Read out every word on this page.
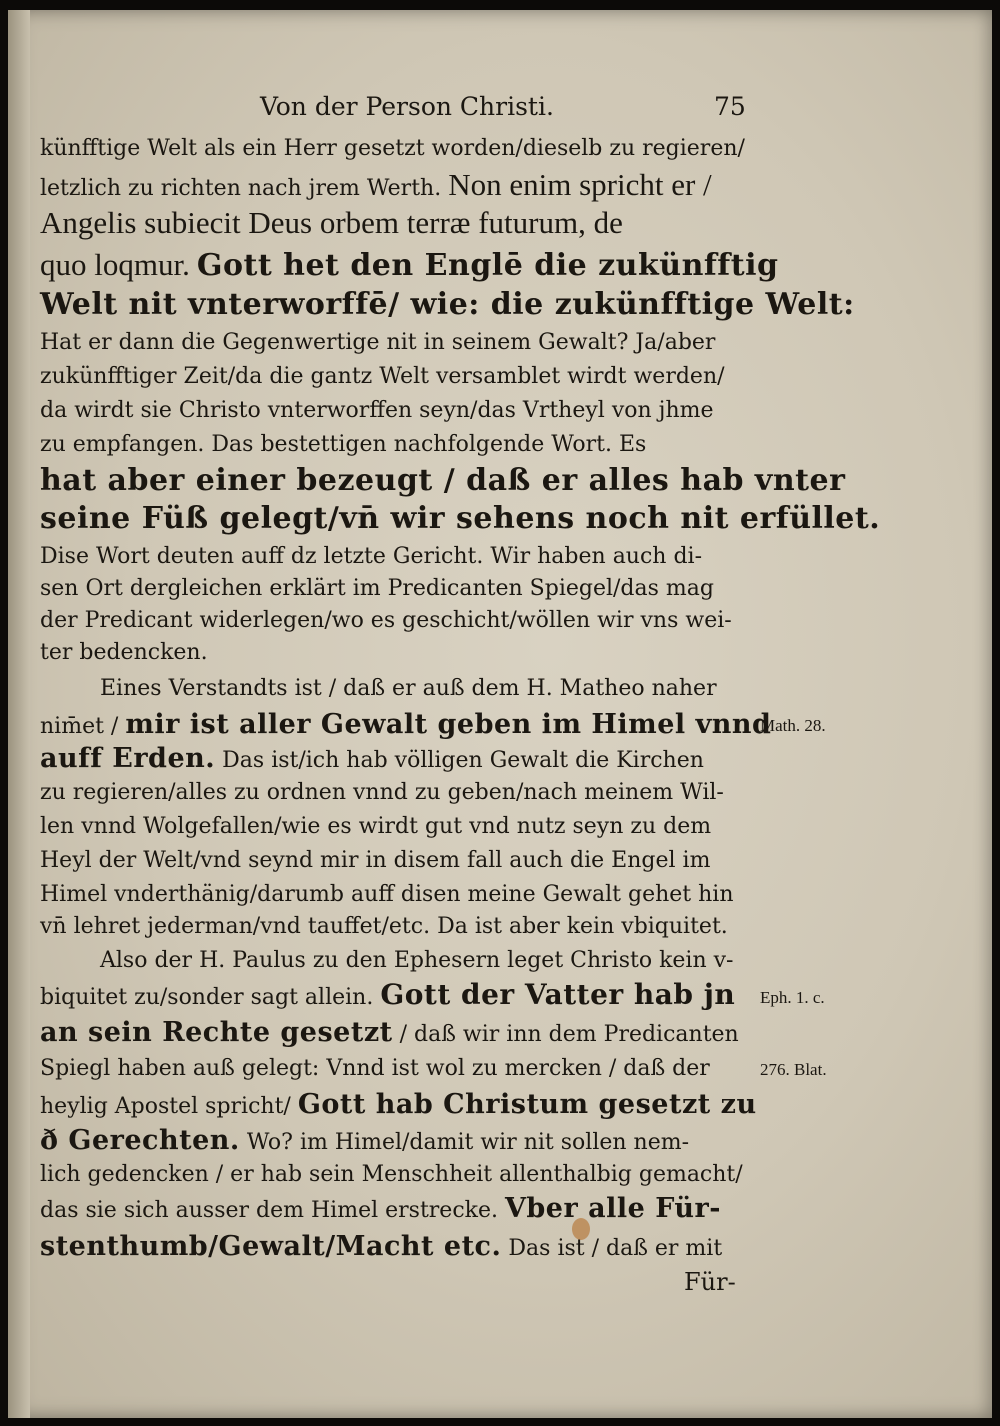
Von der Person Christi.	75
künfftige Welt als ein Herr gesetzt worden/dieselb zu regieren/
letzlich zu richten nach jrem Werth. Non enim spricht er /
Angelis subiecit Deus orbem terræ futurum, de
quo loqmur. Gott het den Englē die zukünfftig
Welt nit vnterworffē/ wie: die zukünfftige Welt:
Hat er dann die Gegenwertige nit in seinem Gewalt? Ja/aber
zukünfftiger Zeit/da die gantz Welt versamblet wirdt werden/
da wirdt sie Christo vnterworffen seyn/das Vrtheyl von jhme
zu empfangen. Das bestettigen nachfolgende Wort. Es
hat aber einer bezeugt / daß er alles hab vnter
seine Füß gelegt/vn̄ wir sehens noch nit erfüllet.
Dise Wort deuten auff dz letzte Gericht. Wir haben auch di-
sen Ort dergleichen erklärt im Predicanten Spiegel/das mag
der Predicant widerlegen/wo es geschicht/wöllen wir vns wei-
ter bedencken.
Eines Verstandts ist / daß er auß dem H. Matheo naher
nim̄et / mir ist aller Gewalt geben im Himel vnnd
Math. 28.
auff Erden. Das ist/ich hab völligen Gewalt die Kirchen
zu regieren/alles zu ordnen vnnd zu geben/nach meinem Wil-
len vnnd Wolgefallen/wie es wirdt gut vnd nutz seyn zu dem
Heyl der Welt/vnd seynd mir in disem fall auch die Engel im
Himel vnderthänig/darumb auff disen meine Gewalt gehet hin
vn̄ lehret jederman/vnd tauffet/etc. Da ist aber kein vbiquitet.
Also der H. Paulus zu den Ephesern leget Christo kein v-
biquitet zu/sonder sagt allein. Gott der Vatter hab jn Eph. 1. c.
an sein Rechte gesetzt / daß wir inn dem Predicanten
Spiegl haben auß gelegt: Vnnd ist wol zu mercken / daß der	276. Blat.
heylig Apostel spricht/ Gott hab Christum gesetzt zu
ð Gerechten. Wo? im Himel/damit wir nit sollen nem-
lich gedencken / er hab sein Menschheit allenthalbig gemacht/
das sie sich ausser dem Himel erstrecke. Vber alle Für-
stenthumb/Gewalt/Macht etc. Das ist / daß er mit
Für-
